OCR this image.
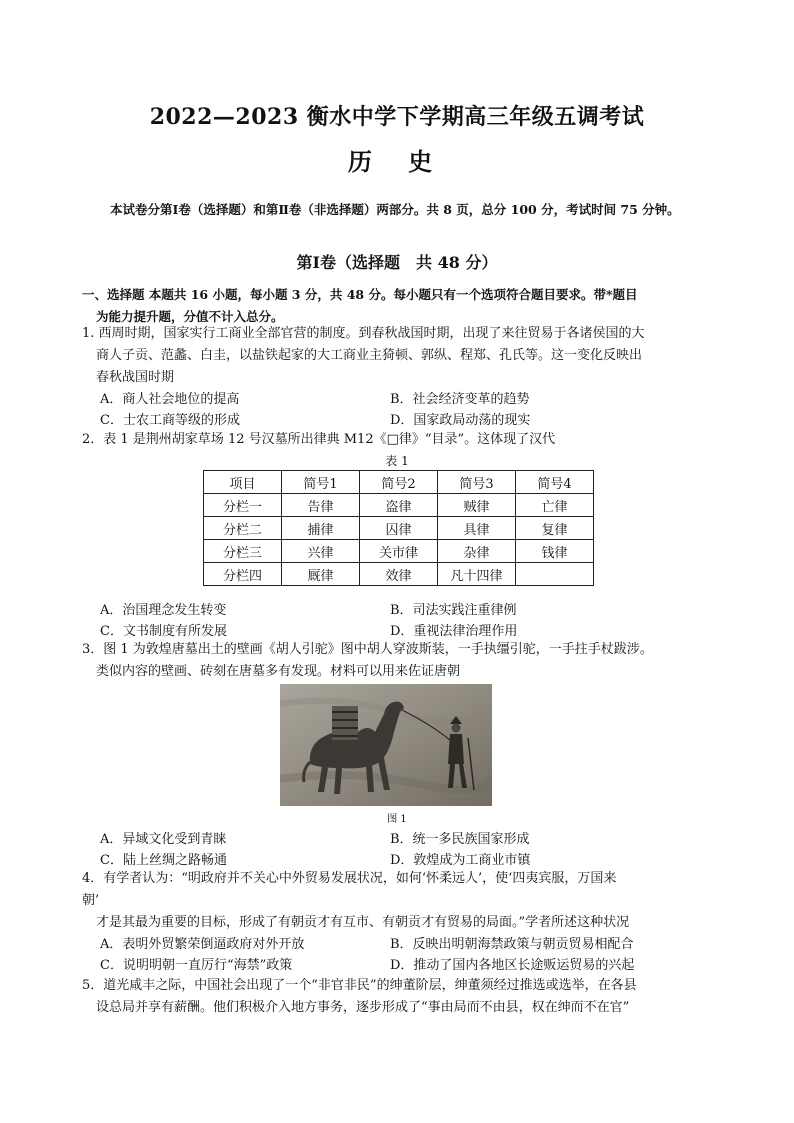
2022—2023 衡水中学下学期高三年级五调考试
历 史
本试卷分第Ⅰ卷（选择题）和第Ⅱ卷（非选择题）两部分。共 8 页，总分 100 分，考试时间 75 分钟。
第Ⅰ卷（选择题　共 48 分）
一、选择题 本题共 16 小题，每小题 3 分，共 48 分。每小题只有一个选项符合题目要求。带*题目
为能力提升题，分值不计入总分。
1. 西周时期，国家实行工商业全部官营的制度。到春秋战国时期，出现了来往贸易于各诸侯国的大
商人子贡、范蠡、白圭，以盐铁起家的大工商业主猗顿、郭纵、程郑、孔氏等。这一变化反映出
春秋战国时期
A．商人社会地位的提高	B．社会经济变革的趋势
C．士农工商等级的形成	D．国家政局动荡的现实
2．表 1 是荆州胡家草场 12 号汉墓所出律典 M12《□律》“目录”。这体现了汉代
表 1
项目	简号1	简号2	简号3	简号4
分栏一	告律	盗律	贼律	亡律
分栏二	捕律	囚律	具律	复律
分栏三	兴律	关市律	杂律	钱律
分栏四	厩律	效律	凡十四律	
A．治国理念发生转变	B．司法实践注重律例
C．文书制度有所发展	D．重视法律治理作用
3．图 1 为敦煌唐墓出土的壁画《胡人引驼》图中胡人穿波斯装，一手执缰引驼，一手拄手杖跋涉。
类似内容的壁画、砖刻在唐墓多有发现。材料可以用来佐证唐朝
图 1
A．异域文化受到青睐	B．统一多民族国家形成
C．陆上丝绸之路畅通	D．敦煌成为工商业市镇
4．有学者认为：“明政府并不关心中外贸易发展状况，如何‘怀柔远人’，使‘四夷宾服，万国来
朝’
才是其最为重要的目标，形成了有朝贡才有互市、有朝贡才有贸易的局面。”学者所述这种状况
A．表明外贸繁荣倒逼政府对外开放	B．反映出明朝海禁政策与朝贡贸易相配合
C．说明明朝一直厉行“海禁”政策	D．推动了国内各地区长途贩运贸易的兴起
5．道光咸丰之际，中国社会出现了一个“非官非民”的绅董阶层，绅董须经过推选或选举，在各县
设总局并享有薪酬。他们积极介入地方事务，逐步形成了“事由局而不由县，权在绅而不在官”
